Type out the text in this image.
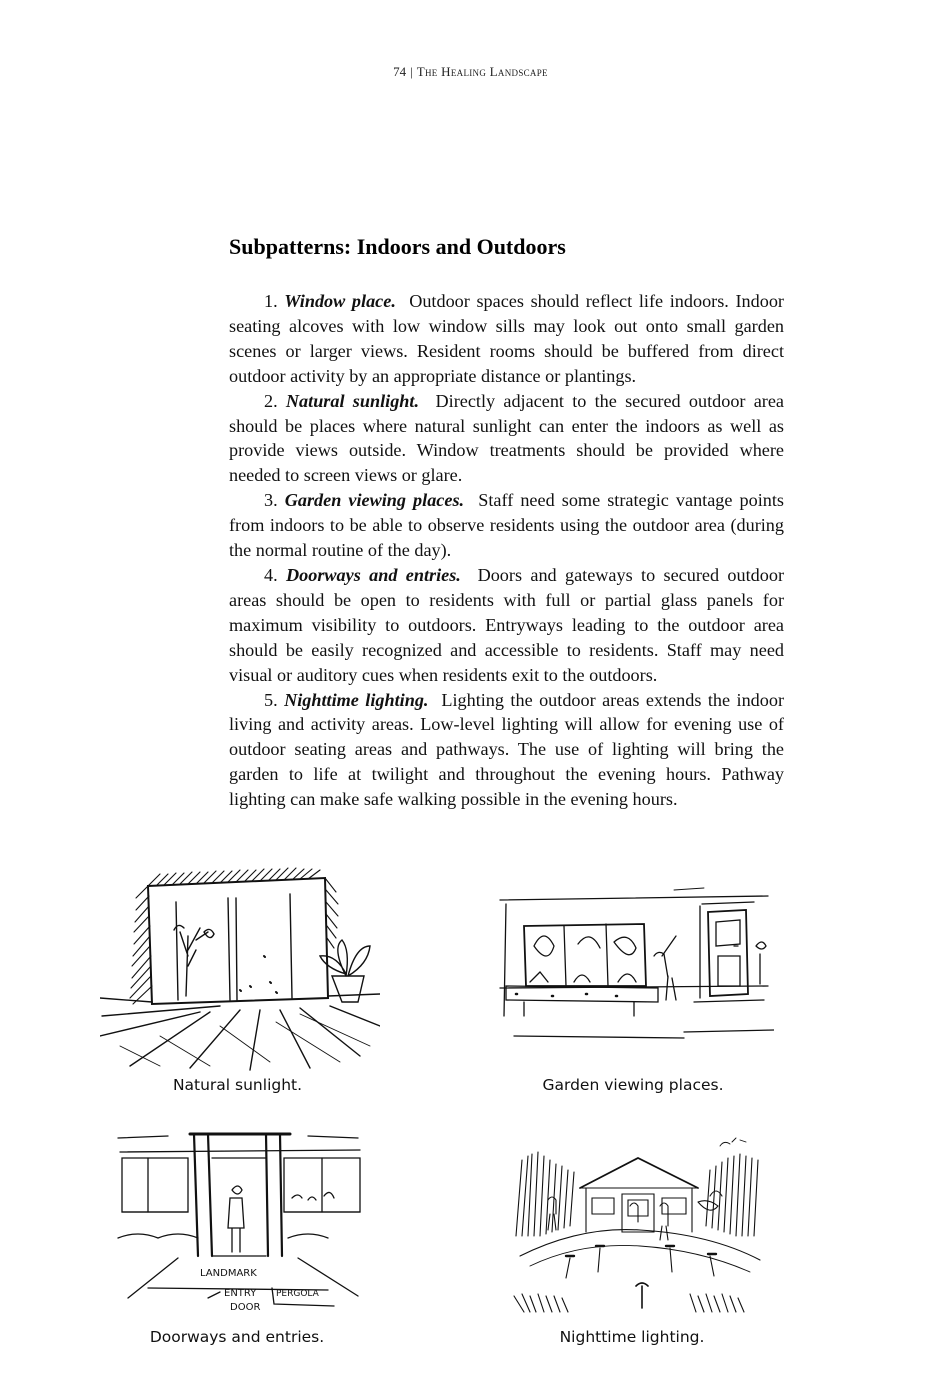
74 | The Healing Landscape
Subpatterns: Indoors and Outdoors

1. Window place. Outdoor spaces should reflect life indoors. Indoor seating alcoves with low window sills may look out onto small garden scenes or larger views. Resident rooms should be buffered from direct outdoor activity by an appropriate distance or plantings.

2. Natural sunlight. Directly adjacent to the secured outdoor area should be places where natural sunlight can enter the indoors as well as provide views outside. Window treatments should be provided where needed to screen views or glare.

3. Garden viewing places. Staff need some strategic vantage points from indoors to be able to observe residents using the outdoor area (during the normal routine of the day).

4. Doorways and entries. Doors and gateways to secured outdoor areas should be open to residents with full or partial glass panels for maximum visibility to outdoors. Entryways leading to the outdoor area should be easily recognized and accessible to residents. Staff may need visual or auditory cues when residents exit to the outdoors.

5. Nighttime lighting. Lighting the outdoor areas extends the indoor living and activity areas. Low-level lighting will allow for evening use of outdoor seating areas and pathways. The use of lighting will bring the garden to life at twilight and throughout the evening hours. Pathway lighting can make safe walking possible in the evening hours.

Natural sunlight.	Garden viewing places.
LANDMARK
ENTRY PERGOLA
DOOR
Doorways and entries.	Nighttime lighting.
